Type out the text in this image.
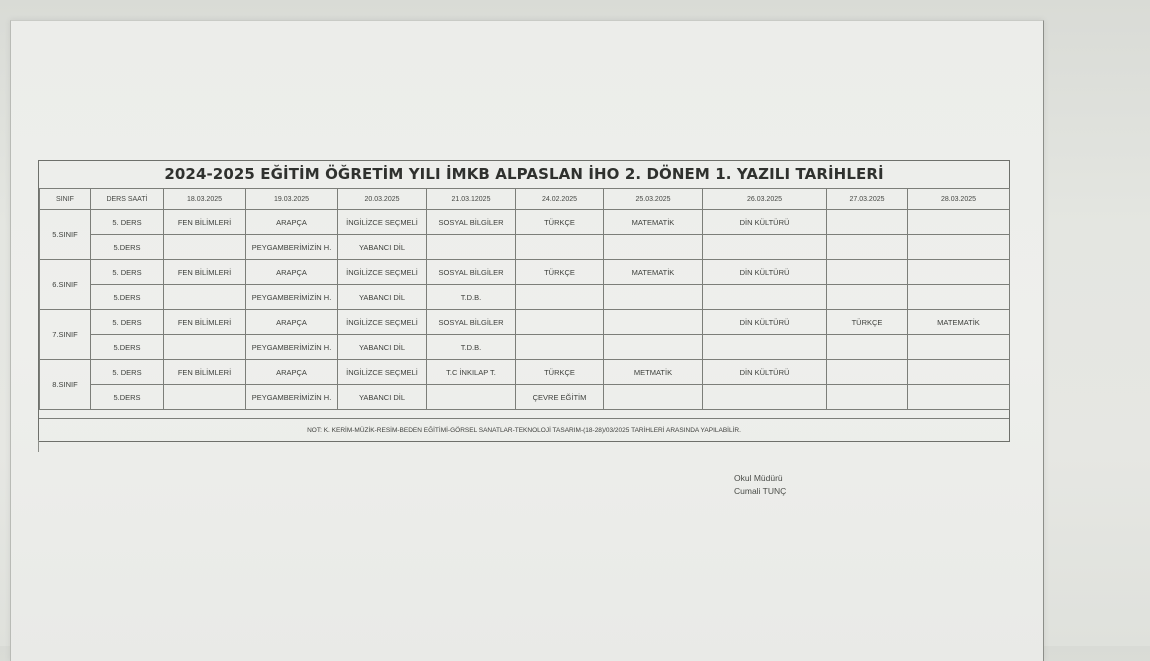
2024-2025 EĞİTİM ÖĞRETİM YILI İMKB ALPASLAN İHO 2. DÖNEM 1. YAZILI TARİHLERİ
SINIF	DERS SAATİ	18.03.2025	19.03.2025	20.03.2025	21.03.12025	24.02.2025	25.03.2025	26.03.2025	27.03.2025	28.03.2025
5.SINIF	5. DERS	FEN BİLİMLERİ	ARAPÇA	İNGİLİZCE SEÇMELİ	SOSYAL BİLGİLER	TÜRKÇE	MATEMATİK	DİN KÜLTÜRÜ		
	5.DERS		PEYGAMBERİMİZİN H.	YABANCI DİL						
6.SINIF	5. DERS	FEN BİLİMLERİ	ARAPÇA	İNGİLİZCE SEÇMELİ	SOSYAL BİLGİLER	TÜRKÇE	MATEMATİK	DİN KÜLTÜRÜ		
	5.DERS		PEYGAMBERİMİZİN H.	YABANCI DİL	T.D.B.					
7.SINIF	5. DERS	FEN BİLİMLERİ	ARAPÇA	İNGİLİZCE SEÇMELİ	SOSYAL BİLGİLER			DİN KÜLTÜRÜ	TÜRKÇE	MATEMATİK
	5.DERS		PEYGAMBERİMİZİN H.	YABANCI DİL	T.D.B.					
8.SINIF	5. DERS	FEN BİLİMLERİ	ARAPÇA	İNGİLİZCE SEÇMELİ	T.C İNKILAP T.	TÜRKÇE	METMATİK	DİN KÜLTÜRÜ		
	5.DERS		PEYGAMBERİMİZİN H.	YABANCI DİL		ÇEVRE EĞİTİM				
NOT: K. KERİM-MÜZİK-RESİM-BEDEN EĞİTİMİ-GÖRSEL SANATLAR-TEKNOLOJİ TASARIM-(18-28)/03/2025 TARİHLERİ ARASINDA YAPILABİLİR.
Okul Müdürü
Cumali TUNÇ
